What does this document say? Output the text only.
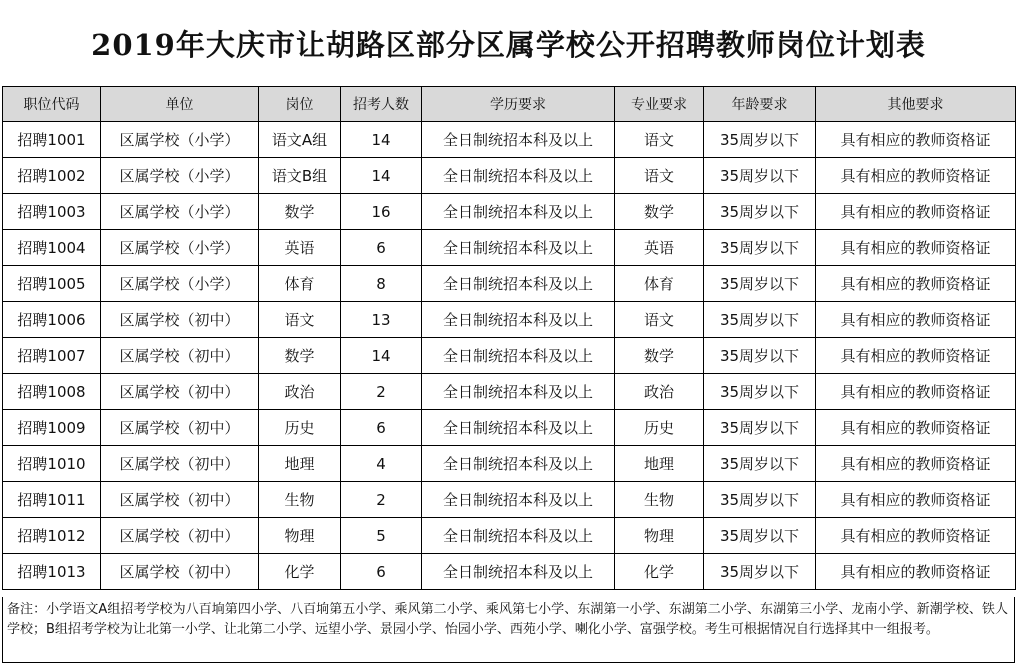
2019年大庆市让胡路区部分区属学校公开招聘教师岗位计划表
职位代码	单位	岗位	招考人数	学历要求	专业要求	年龄要求	其他要求
招聘1001	区属学校（小学）	语文A组	14	全日制统招本科及以上	语文	35周岁以下	具有相应的教师资格证
招聘1002	区属学校（小学）	语文B组	14	全日制统招本科及以上	语文	35周岁以下	具有相应的教师资格证
招聘1003	区属学校（小学）	数学	16	全日制统招本科及以上	数学	35周岁以下	具有相应的教师资格证
招聘1004	区属学校（小学）	英语	6	全日制统招本科及以上	英语	35周岁以下	具有相应的教师资格证
招聘1005	区属学校（小学）	体育	8	全日制统招本科及以上	体育	35周岁以下	具有相应的教师资格证
招聘1006	区属学校（初中）	语文	13	全日制统招本科及以上	语文	35周岁以下	具有相应的教师资格证
招聘1007	区属学校（初中）	数学	14	全日制统招本科及以上	数学	35周岁以下	具有相应的教师资格证
招聘1008	区属学校（初中）	政治	2	全日制统招本科及以上	政治	35周岁以下	具有相应的教师资格证
招聘1009	区属学校（初中）	历史	6	全日制统招本科及以上	历史	35周岁以下	具有相应的教师资格证
招聘1010	区属学校（初中）	地理	4	全日制统招本科及以上	地理	35周岁以下	具有相应的教师资格证
招聘1011	区属学校（初中）	生物	2	全日制统招本科及以上	生物	35周岁以下	具有相应的教师资格证
招聘1012	区属学校（初中）	物理	5	全日制统招本科及以上	物理	35周岁以下	具有相应的教师资格证
招聘1013	区属学校（初中）	化学	6	全日制统招本科及以上	化学	35周岁以下	具有相应的教师资格证
备注：小学语文A组招考学校为八百垧第四小学、八百垧第五小学、乘风第二小学、乘风第七小学、东湖第一小学、东湖第二小学、东湖第三小学、龙南小学、新潮学校、铁人学校；B组招考学校为让北第一小学、让北第二小学、远望小学、景园小学、怡园小学、西苑小学、喇化小学、富强学校。考生可根据情况自行选择其中一组报考。
